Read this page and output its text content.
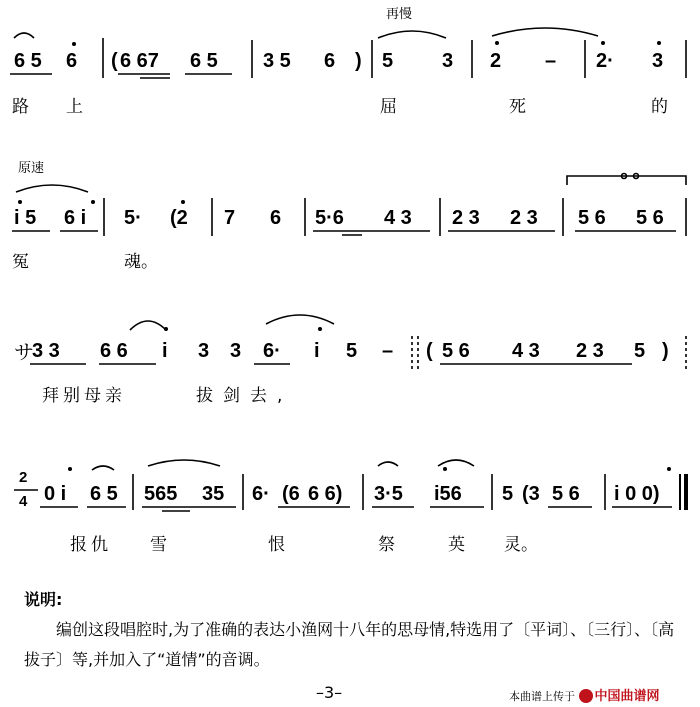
再慢
原速
サ
2
4
6 5 6 ( 6 67 6 5 3 5 6 ) 5 3 2 – 2· 3
路 上	屈	死	的
i 5 6 i 5· (2 7 6 5·6 4 3 2 3 2 3 5 6 5 6
冤	魂。
3 3 6 6 i 3 3 6· i 5 – ( 5 6 4 3 2 3 5 )
拜别母亲	拔剑去,
0 i 6 5 565 35 6· (6 6 6) 3·5 i56 5 (3 5 6 i 0 0)
报仇 雪	恨	祭	英 灵。
说明:
编创这段唱腔时,为了准确的表达小渔网十八年的思母情,特选用了〔平词〕、〔三行〕、〔高拔子〕等,并加入了“道情”的音调。
–3–	本曲谱上传于 中国曲谱网
